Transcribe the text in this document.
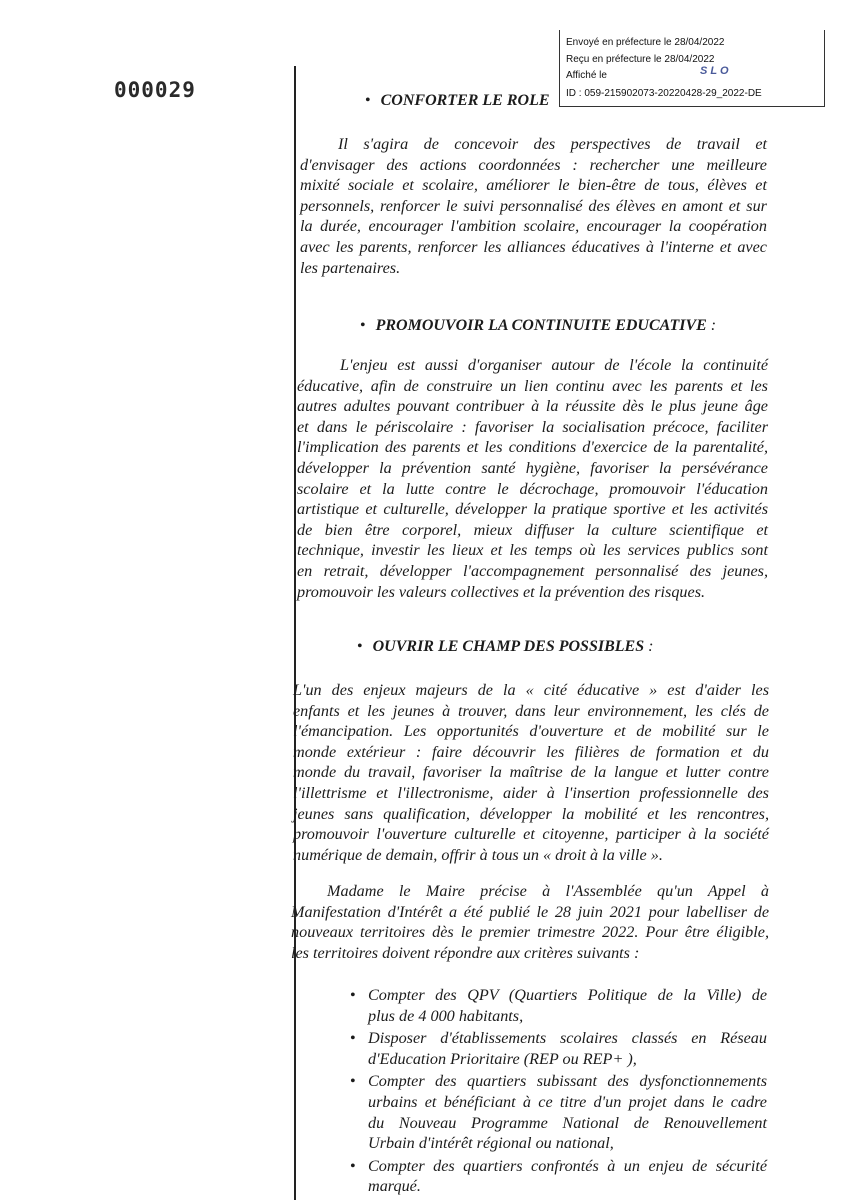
000029
Envoyé en préfecture le 28/04/2022
Reçu en préfecture le 28/04/2022
Affiché le	SLO
ID : 059-215902073-20220428-29_2022-DE
• CONFORTER LE ROLE
Il s'agira de concevoir des perspectives de travail et
d'envisager des actions coordonnées : rechercher une meilleure
mixité sociale et scolaire, améliorer le bien-être de tous, élèves et
personnels, renforcer le suivi personnalisé des élèves en amont et sur
la durée, encourager l'ambition scolaire, encourager la coopération
avec les parents, renforcer les alliances éducatives à l'interne et avec
les partenaires.
• PROMOUVOIR LA CONTINUITE EDUCATIVE :
L'enjeu est aussi d'organiser autour de l'école la continuité
éducative, afin de construire un lien continu avec les parents et les
autres adultes pouvant contribuer à la réussite dès le plus jeune âge
et dans le périscolaire : favoriser la socialisation précoce, faciliter
l'implication des parents et les conditions d'exercice de la parentalité,
développer la prévention santé hygiène, favoriser la persévérance
scolaire et la lutte contre le décrochage, promouvoir l'éducation
artistique et culturelle, développer la pratique sportive et les activités
de bien être corporel, mieux diffuser la culture scientifique et
technique, investir les lieux et les temps où les services publics sont
en retrait, développer l'accompagnement personnalisé des jeunes,
promouvoir les valeurs collectives et la prévention des risques.
• OUVRIR LE CHAMP DES POSSIBLES :
L'un des enjeux majeurs de la « cité éducative » est d'aider les
enfants et les jeunes à trouver, dans leur environnement, les clés de
l'émancipation. Les opportunités d'ouverture et de mobilité sur le
monde extérieur : faire découvrir les filières de formation et du
monde du travail, favoriser la maîtrise de la langue et lutter contre
l'illettrisme et l'illectronisme, aider à l'insertion professionnelle des
jeunes sans qualification, développer la mobilité et les rencontres,
promouvoir l'ouverture culturelle et citoyenne, participer à la société
numérique de demain, offrir à tous un « droit à la ville ».
Madame le Maire précise à l'Assemblée qu'un Appel à
Manifestation d'Intérêt a été publié le 28 juin 2021 pour labelliser de
nouveaux territoires dès le premier trimestre 2022. Pour être éligible,
les territoires doivent répondre aux critères suivants :
• Compter des QPV (Quartiers Politique de la Ville) de
plus de 4 000 habitants,
• Disposer d'établissements scolaires classés en Réseau
d'Education Prioritaire (REP ou REP+ ),
• Compter des quartiers subissant des dysfonctionnements
urbains et bénéficiant à ce titre d'un projet dans le cadre
du Nouveau Programme National de Renouvellement
Urbain d'intérêt régional ou national,
• Compter des quartiers confrontés à un enjeu de sécurité
marqué.
